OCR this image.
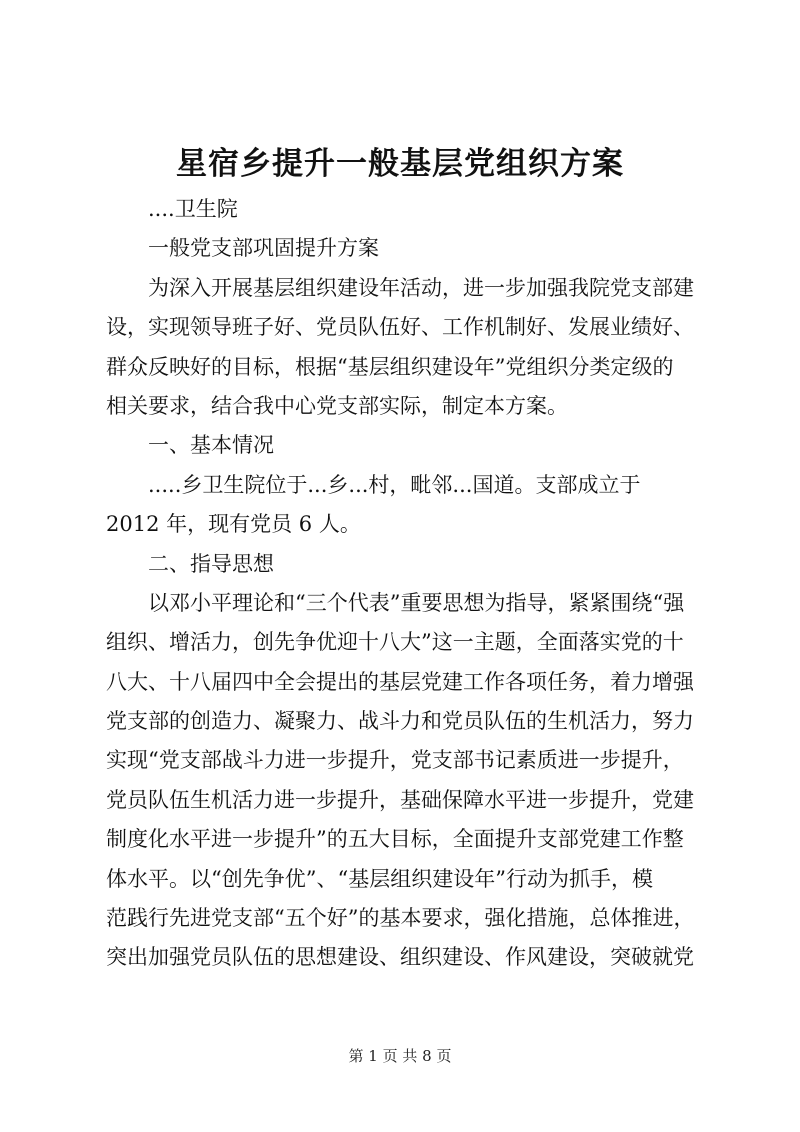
星宿乡提升一般基层党组织方案
....卫生院
一般党支部巩固提升方案
为深入开展基层组织建设年活动，进一步加强我院党支部建
设，实现领导班子好、党员队伍好、工作机制好、发展业绩好、
群众反映好的目标，根据“基层组织建设年”党组织分类定级的
相关要求，结合我中心党支部实际，制定本方案。
一、基本情况
.....乡卫生院位于...乡...村，毗邻...国道。支部成立于
2012 年，现有党员 6 人。
二、指导思想
以邓小平理论和“三个代表”重要思想为指导，紧紧围绕“强
组织、增活力，创先争优迎十八大”这一主题，全面落实党的十
八大、十八届四中全会提出的基层党建工作各项任务，着力增强
党支部的创造力、凝聚力、战斗力和党员队伍的生机活力，努力
实现“党支部战斗力进一步提升，党支部书记素质进一步提升，
党员队伍生机活力进一步提升，基础保障水平进一步提升，党建
制度化水平进一步提升”的五大目标，全面提升支部党建工作整
体水平。以“创先争优”、“基层组织建设年”行动为抓手，模
范践行先进党支部“五个好”的基本要求，强化措施，总体推进，
突出加强党员队伍的思想建设、组织建设、作风建设，突破就党
第 1 页 共 8 页
